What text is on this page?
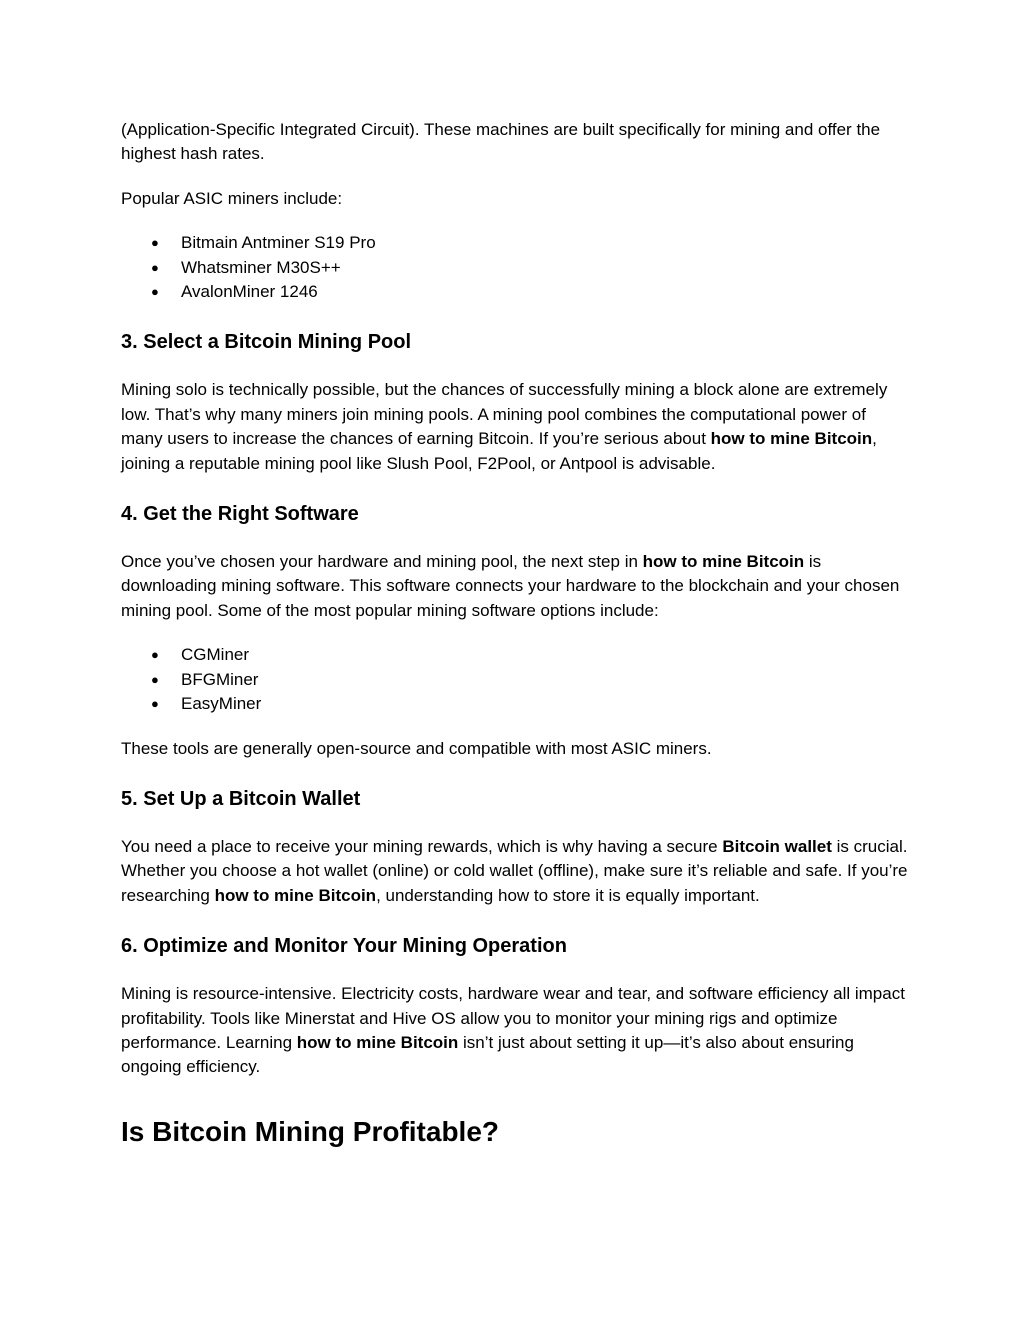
(Application-Specific Integrated Circuit). These machines are built specifically for mining and offer the highest hash rates.

Popular ASIC miners include:

● Bitmain Antminer S19 Pro
● Whatsminer M30S++
● AvalonMiner 1246
3. Select a Bitcoin Mining Pool

Mining solo is technically possible, but the chances of successfully mining a block alone are extremely low. That’s why many miners join mining pools. A mining pool combines the computational power of many users to increase the chances of earning Bitcoin. If you’re serious about how to mine Bitcoin, joining a reputable mining pool like Slush Pool, F2Pool, or Antpool is advisable.

4. Get the Right Software

Once you’ve chosen your hardware and mining pool, the next step in how to mine Bitcoin is downloading mining software. This software connects your hardware to the blockchain and your chosen mining pool. Some of the most popular mining software options include:

● CGMiner
● BFGMiner
● EasyMiner

These tools are generally open-source and compatible with most ASIC miners.

5. Set Up a Bitcoin Wallet

You need a place to receive your mining rewards, which is why having a secure Bitcoin wallet is crucial. Whether you choose a hot wallet (online) or cold wallet (offline), make sure it’s reliable and safe. If you’re researching how to mine Bitcoin, understanding how to store it is equally important.

6. Optimize and Monitor Your Mining Operation

Mining is resource-intensive. Electricity costs, hardware wear and tear, and software efficiency all impact profitability. Tools like Minerstat and Hive OS allow you to monitor your mining rigs and optimize performance. Learning how to mine Bitcoin isn’t just about setting it up—it’s also about ensuring ongoing efficiency.

Is Bitcoin Mining Profitable?
